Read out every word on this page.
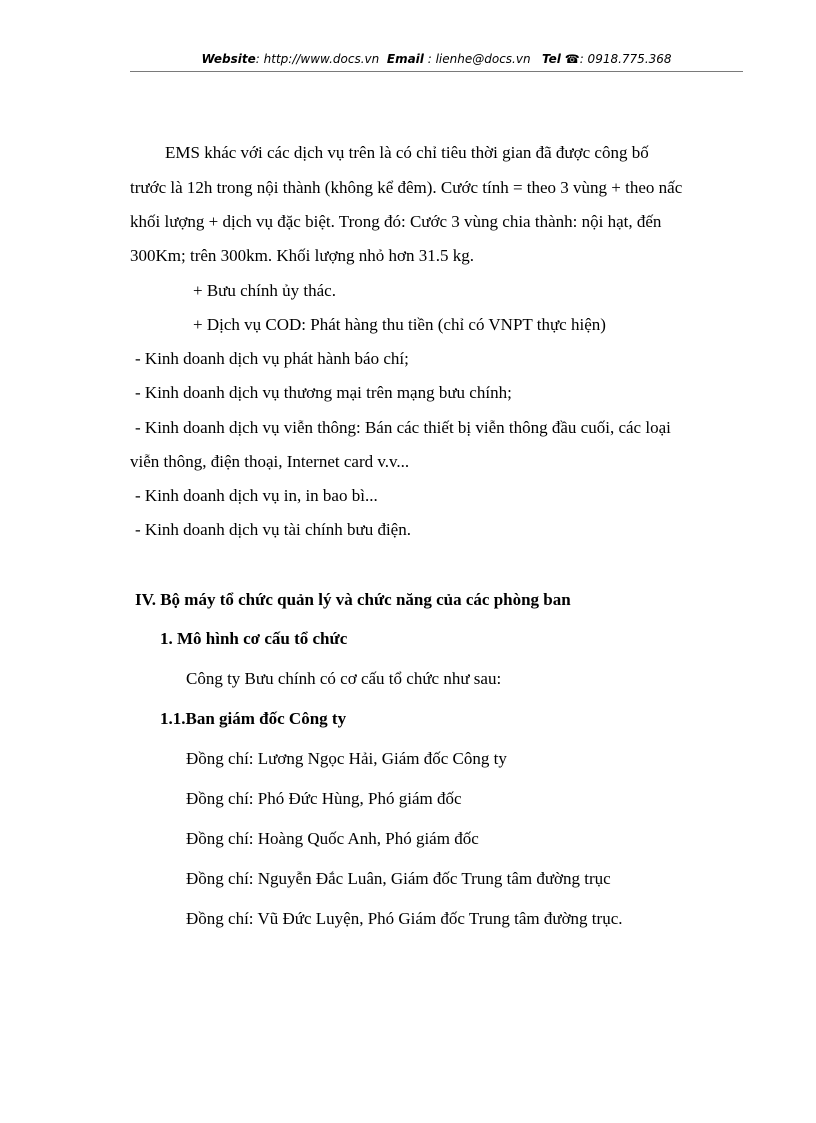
Website: http://www.docs.vn Email : lienhe@docs.vn Tel ☎: 0918.775.368
EMS khác với các dịch vụ trên là có chỉ tiêu thời gian đã được công bố
trước là 12h trong nội thành (không kể đêm). Cước tính = theo 3 vùng + theo nấc
khối lượng + dịch vụ đặc biệt. Trong đó: Cước 3 vùng chia thành: nội hạt, đến
300Km; trên 300km. Khối lượng nhỏ hơn 31.5 kg.
+ Bưu chính ủy thác.
+ Dịch vụ COD: Phát hàng thu tiền (chỉ có VNPT thực hiện)
- Kinh doanh dịch vụ phát hành báo chí;
- Kinh doanh dịch vụ thương mại trên mạng bưu chính;
- Kinh doanh dịch vụ viễn thông: Bán các thiết bị viễn thông đầu cuối, các loại
viễn thông, điện thoại, Internet card v.v...
- Kinh doanh dịch vụ in, in bao bì...
- Kinh doanh dịch vụ tài chính bưu điện.
IV. Bộ máy tổ chức quản lý và chức năng của các phòng ban
1. Mô hình cơ cấu tổ chức
Công ty Bưu chính có cơ cấu tổ chức như sau:
1.1.Ban giám đốc Công ty
Đồng chí: Lương Ngọc Hải, Giám đốc Công ty
Đồng chí: Phó Đức Hùng, Phó giám đốc
Đồng chí: Hoàng Quốc Anh, Phó giám đốc
Đồng chí: Nguyễn Đắc Luân, Giám đốc Trung tâm đường trục
Đồng chí: Vũ Đức Luyện, Phó Giám đốc Trung tâm đường trục.
